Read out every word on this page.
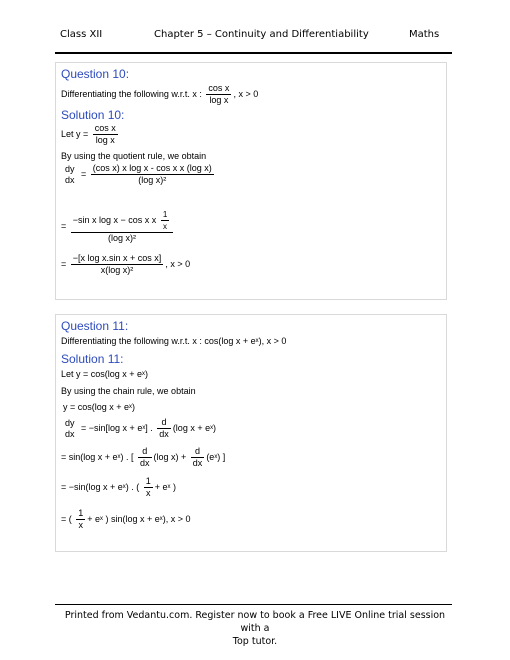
Class XII	Chapter 5 – Continuity and Differentiability	Maths
Question 10:
Differentiating the following w.r.t. x : $\frac{\text{cos x}}{\text{log x}}$ , x > 0
Solution 10:
Let $y = \frac{\text{cos x}}{\text{log x}}$
By using the quotient rule, we obtain
dy
dx
= $\frac{\text{(cos x) x log x - cos x x (log x)}}{\text{(log x)²}}$
= $\frac{-\sin x \log x - \cos x x \frac{1}{x}}{\text{(log x)²}}$
= $\frac{\text{−[x log x.sin x + cos x]}}{\text{x(log x)²}}$ , x > 0
Question 11:
Differentiating the following w.r.t. x : cos(log x + eˣ), x > 0
Solution 11:
Let y = cos(log x + eˣ)
By using the chain rule, we obtain
y = cos(log x + eˣ)
dy
dx
= −sin[log x + eˣ] . $\frac{d}{dx} (\log$ x + eˣ)
= sin(log x + eˣ) . [ $\frac{d}{dx} (\log$ $x) + \frac{d}{dx}$ (eˣ) ]
= −sin(log x + eˣ) . ( $\frac{1}{x}$ + eˣ )
= ( $\frac{1}{x}$ + eˣ ) sin(log x + eˣ), x > 0
Printed from Vedantu.com. Register now to book a Free LIVE Online trial session with a
Top tutor.
